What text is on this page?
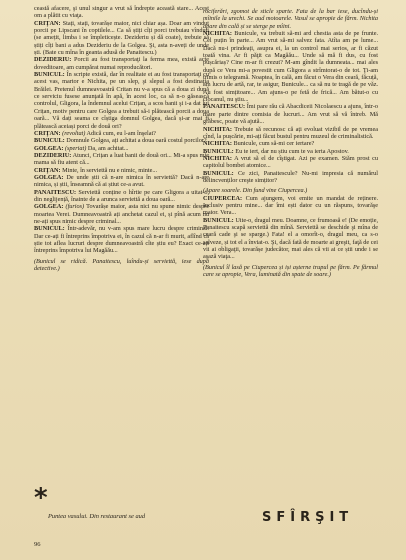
ceastă afacere, şi unul singur a vrut să îndrepte această stare... Acest om a plătit cu viaţa.

CRIŢAN: Stați, stați, tovarășe maior, nici chiar așa. Doar am vindut porcii pe Lipscani în coptilele... Ca să știți cîți porci trebuiau vînduți (se amețit, limba i se împleticește. Dezideriu și dă coate), trebuie să știți cîți bani a adus Dezideriu de la Golgea. Şi, asta n-aveți de unde ști. (Bate cu mîna în geanta adusă de Panaitescu.)

DEZIDERIU: Porcii au fost transportaţi la ferma mea, există acte doveditoare, am cumpărat numai reproducători.

BUNICUL: În scripte există, dar în realitate ei au fost transportaţi cu acest vas, martor e Nichita, pe un slep, şi slepul a fost destinația Brăilei. Pretenul dumneavoastră Critan nu v-a spus că a doua zi după ce serviciu fusese anunţată în apă, în acest loc, ca să n-o găsească controlul, Gligora, la îndemnul acelui Crițan, a scos banii şi i-a dat lui Crițan, motiv pentru care Golgea a trebuit să-i plătească porcii a doua oară... Vă dați seama ce cîștiga domnul Golgea, dacă și-ar mai fi plătească aceiași porci de două ori?

CRIŢAN: (revoltat) Adică cum, eu l-am înşelat?

BUNICUL: Domnule Golgea, ați achitat a doua oară costul porcilor?

GOLGEA: (speriat) Da, am achitat...

DEZIDERIU: Atunci, Crițan a luat banii de două ori... Mi-a spus mie mama să fiu atent că...

CRIŢAN: Minte, în serviettă nu e nimic, minte...

GOLGEA: De unde știi că n-are nimica în serviettă? Dacă n-are nimica, și știi, înseamnă că ai știut ce-a avut.

PANAITESCU: Serviettă conține o hîrtie pe care Gligora a uitat-o, din neglijență, înainte de a arunca serviettă a doua oară...

GOLGEA: (furios) Tovarășe maior, asta nici nu spune nimic despre moartea Verei. Dumneavoastră ați anchetat cazul ei, și pînă acum nu ne-ați spus nimic despre criminal...

BUNICUL: Într-adevăr, nu v-am spus mare lucru despre criminal. Dar ce-ați fi întreprins împotriva ei, în cazul că n-ar fi murit, aflînd că știe tot aflea lucruri despre dumneavoastră cîte știu eu? Exact ce-ați întreprins împotriva lui Magăău...

(Bunicul se ridică. Panaitescu, luîndu-și serviettă, iese după detective.)

rociferări, zgomot de sticle sparte. Fata de la bar iese, ducîndu-și mîinile la urechi. Se aud motoarele. Vasul se apropie de fărm. Nichita apare din cală și se sterge pe mîini.

NICHITA: Bunicule, va trebuit să-mi ard chestia asta de pe frunte. Cel puțin în parte... Am vrut să-mi salvez fata. Atîta am pe lume... Dacă nu-i prindeați, asupra ei, la un control mai serios, ar fi căzut toată vina. Ar fi păţit ca Magăău... Unde să mă fi dus, cu fost pușcăriaș? Cine m-ar fi crezut? M-am gîndit la dumneata... mai ales după ce Vera mi-a povestit cum Gligora a strîmtorat-o de tot. Ţi-am trimis o telegramă. Noaptea, în cală, am făcut o Vera din ceară, făcuță, am lucru de artă, rar, te asigur, Bunicule... ca să nu te tragă de pe văz. Au fost simțitoare... Am ajuns-o pe fetă de frică... Am bătut-o cu ciocanul, nu ştiu...

PANAITESCU: Îmi pare rău că Abacdiceii Nicolaescu a ajuns, într-o mare parte dintre comisia de lucruri... Am vrut să vă întreb. Mă grăbesc, poate vă ajută...

NICHITA: Trebuie să recunosc că ați evoluat vizibil de pe vremea cînd, la pușcărie, mi-ați făcut bustul pentru muzeul de criminalistică.

NICHITA: Bunicule, cum să-mi cer iertare?

BUNICUL: Eu te iert, dar nu știu cum te va ierta Apostov.

NICHITA: A vrut să el de cîştigat. Azi pe examen. Stăm prost cu capitolul bombei atomice...

BUNICUL: Ce zici, Panaitescule? Nu-mi impresia că numărul delincvenților creşte simțitor?

(Apare soarele. Din fund vine Ciupercea.)

CIUPERCEA: Cum ajungem, voi emite un mandat de reținere. Inclusiv pentru mine... dar îmi ești dator cu un răspuns, tovarăşe maior. Vera...

BUNICUL: Uite-o, dragul meu. Doamne, ce frumoasă e! (De emoție, Panaitescu scapă serviettă din mînă. Serviettă se deschide şi mîna de ceară cade şi se sparge.) Fata! el a omorît-o, dragul meu, ca s-o salveze, și tot el a înviat-o. Şi, dacă fată de moarte ai greşit, faţă de cei vii ai obligaţii, tovarășe judecător, mai ales că vii ai ce știi unde i se aşază viaţa...

(Bunicul îl lasă pe Ciupercea și iși așterne trupul pe fărm. Pe fărmul care se apropie, Vera, luminată din spate de soare.)

*
Puntea vasului. Din restaurant se aud	SFÎRŞIT
96
